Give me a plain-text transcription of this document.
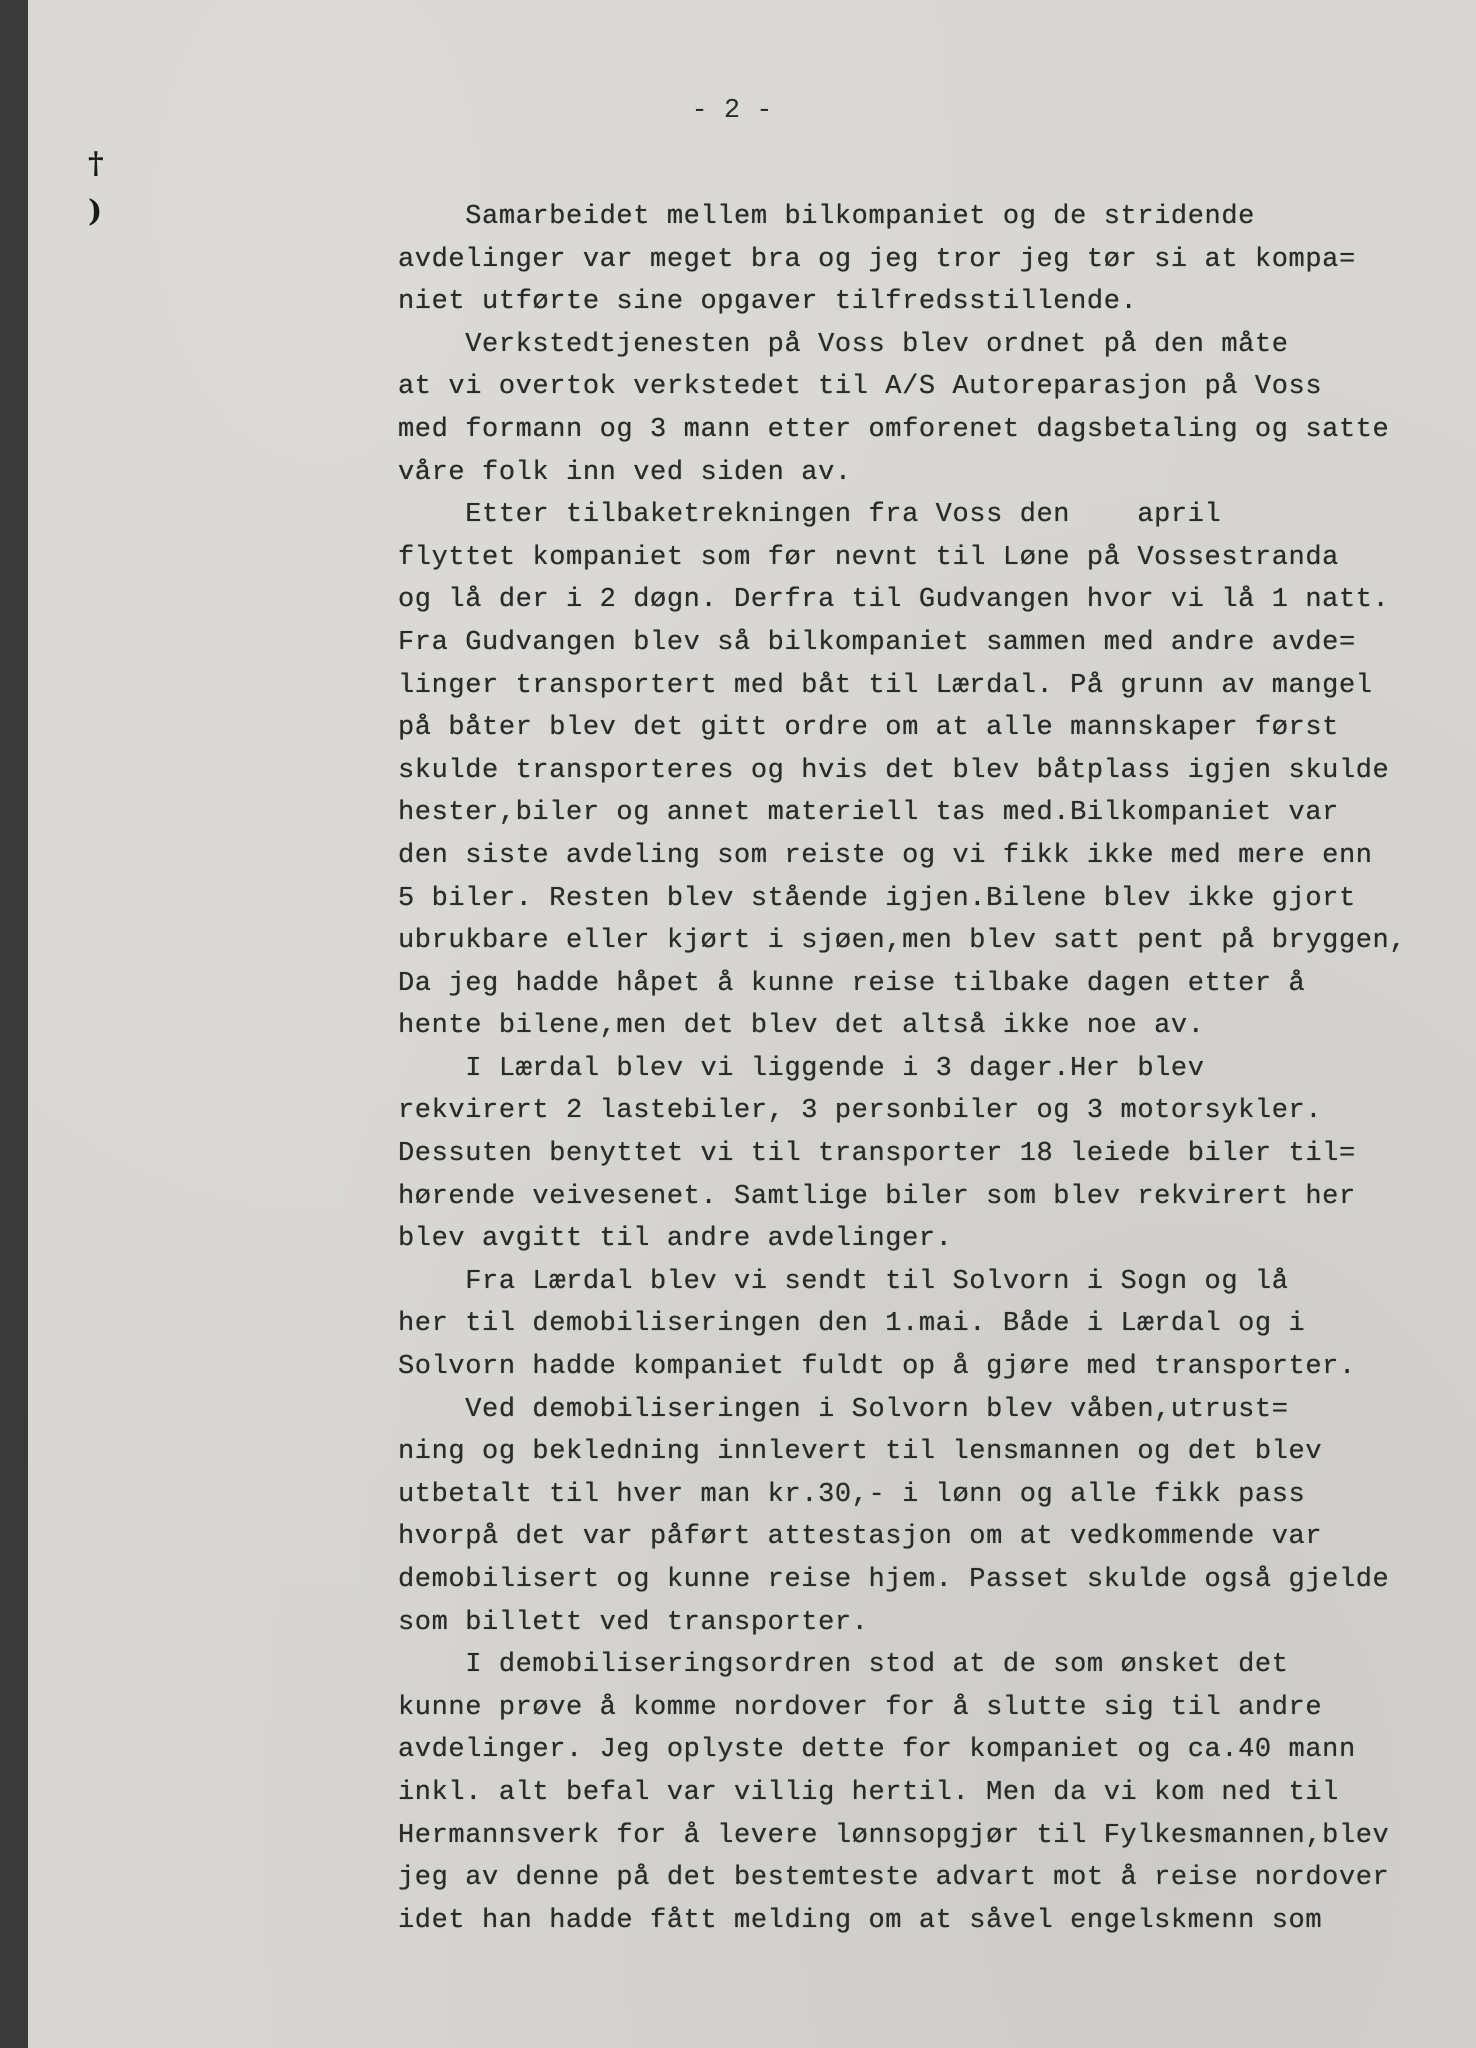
- 2 -
†
)	Samarbeidet mellem bilkompaniet og de stridende
avdelinger var meget bra og jeg tror jeg tør si at kompa=
niet utførte sine opgaver tilfredsstillende.
Verkstedtjenesten på Voss blev ordnet på den måte
at vi overtok verkstedet til A/S Autoreparasjon på Voss
med formann og 3 mann etter omforenet dagsbetaling og satte
våre folk inn ved siden av.
Etter tilbaketrekningen fra Voss den    april
flyttet kompaniet som før nevnt til Løne på Vossestranda
og lå der i 2 døgn. Derfra til Gudvangen hvor vi lå 1 natt.
Fra Gudvangen blev så bilkompaniet sammen med andre avde=
linger transportert med båt til Lærdal. På grunn av mangel
på båter blev det gitt ordre om at alle mannskaper først
skulde transporteres og hvis det blev båtplass igjen skulde
hester,biler og annet materiell tas med.Bilkompaniet var
den siste avdeling som reiste og vi fikk ikke med mere enn
5 biler. Resten blev stående igjen.Bilene blev ikke gjort
ubrukbare eller kjørt i sjøen,men blev satt pent på bryggen,
Da jeg hadde håpet å kunne reise tilbake dagen etter å
hente bilene,men det blev det altså ikke noe av.
I Lærdal blev vi liggende i 3 dager.Her blev
rekvirert 2 lastebiler, 3 personbiler og 3 motorsykler.
Dessuten benyttet vi til transporter 18 leiede biler til=
hørende veivesenet. Samtlige biler som blev rekvirert her
blev avgitt til andre avdelinger.
Fra Lærdal blev vi sendt til Solvorn i Sogn og lå
her til demobiliseringen den 1.mai. Både i Lærdal og i
Solvorn hadde kompaniet fuldt op å gjøre med transporter.
Ved demobiliseringen i Solvorn blev våben,utrust=
ning og bekledning innlevert til lensmannen og det blev
utbetalt til hver man kr.30,- i lønn og alle fikk pass
hvorpå det var påført attestasjon om at vedkommende var
demobilisert og kunne reise hjem. Passet skulde også gjelde
som billett ved transporter.
I demobiliseringsordren stod at de som ønsket det
kunne prøve å komme nordover for å slutte sig til andre
avdelinger. Jeg oplyste dette for kompaniet og ca.40 mann
inkl. alt befal var villig hertil. Men da vi kom ned til
Hermannsverk for å levere lønnsopgjør til Fylkesmannen,blev
jeg av denne på det bestemteste advart mot å reise nordover
idet han hadde fått melding om at såvel engelskmenn som
